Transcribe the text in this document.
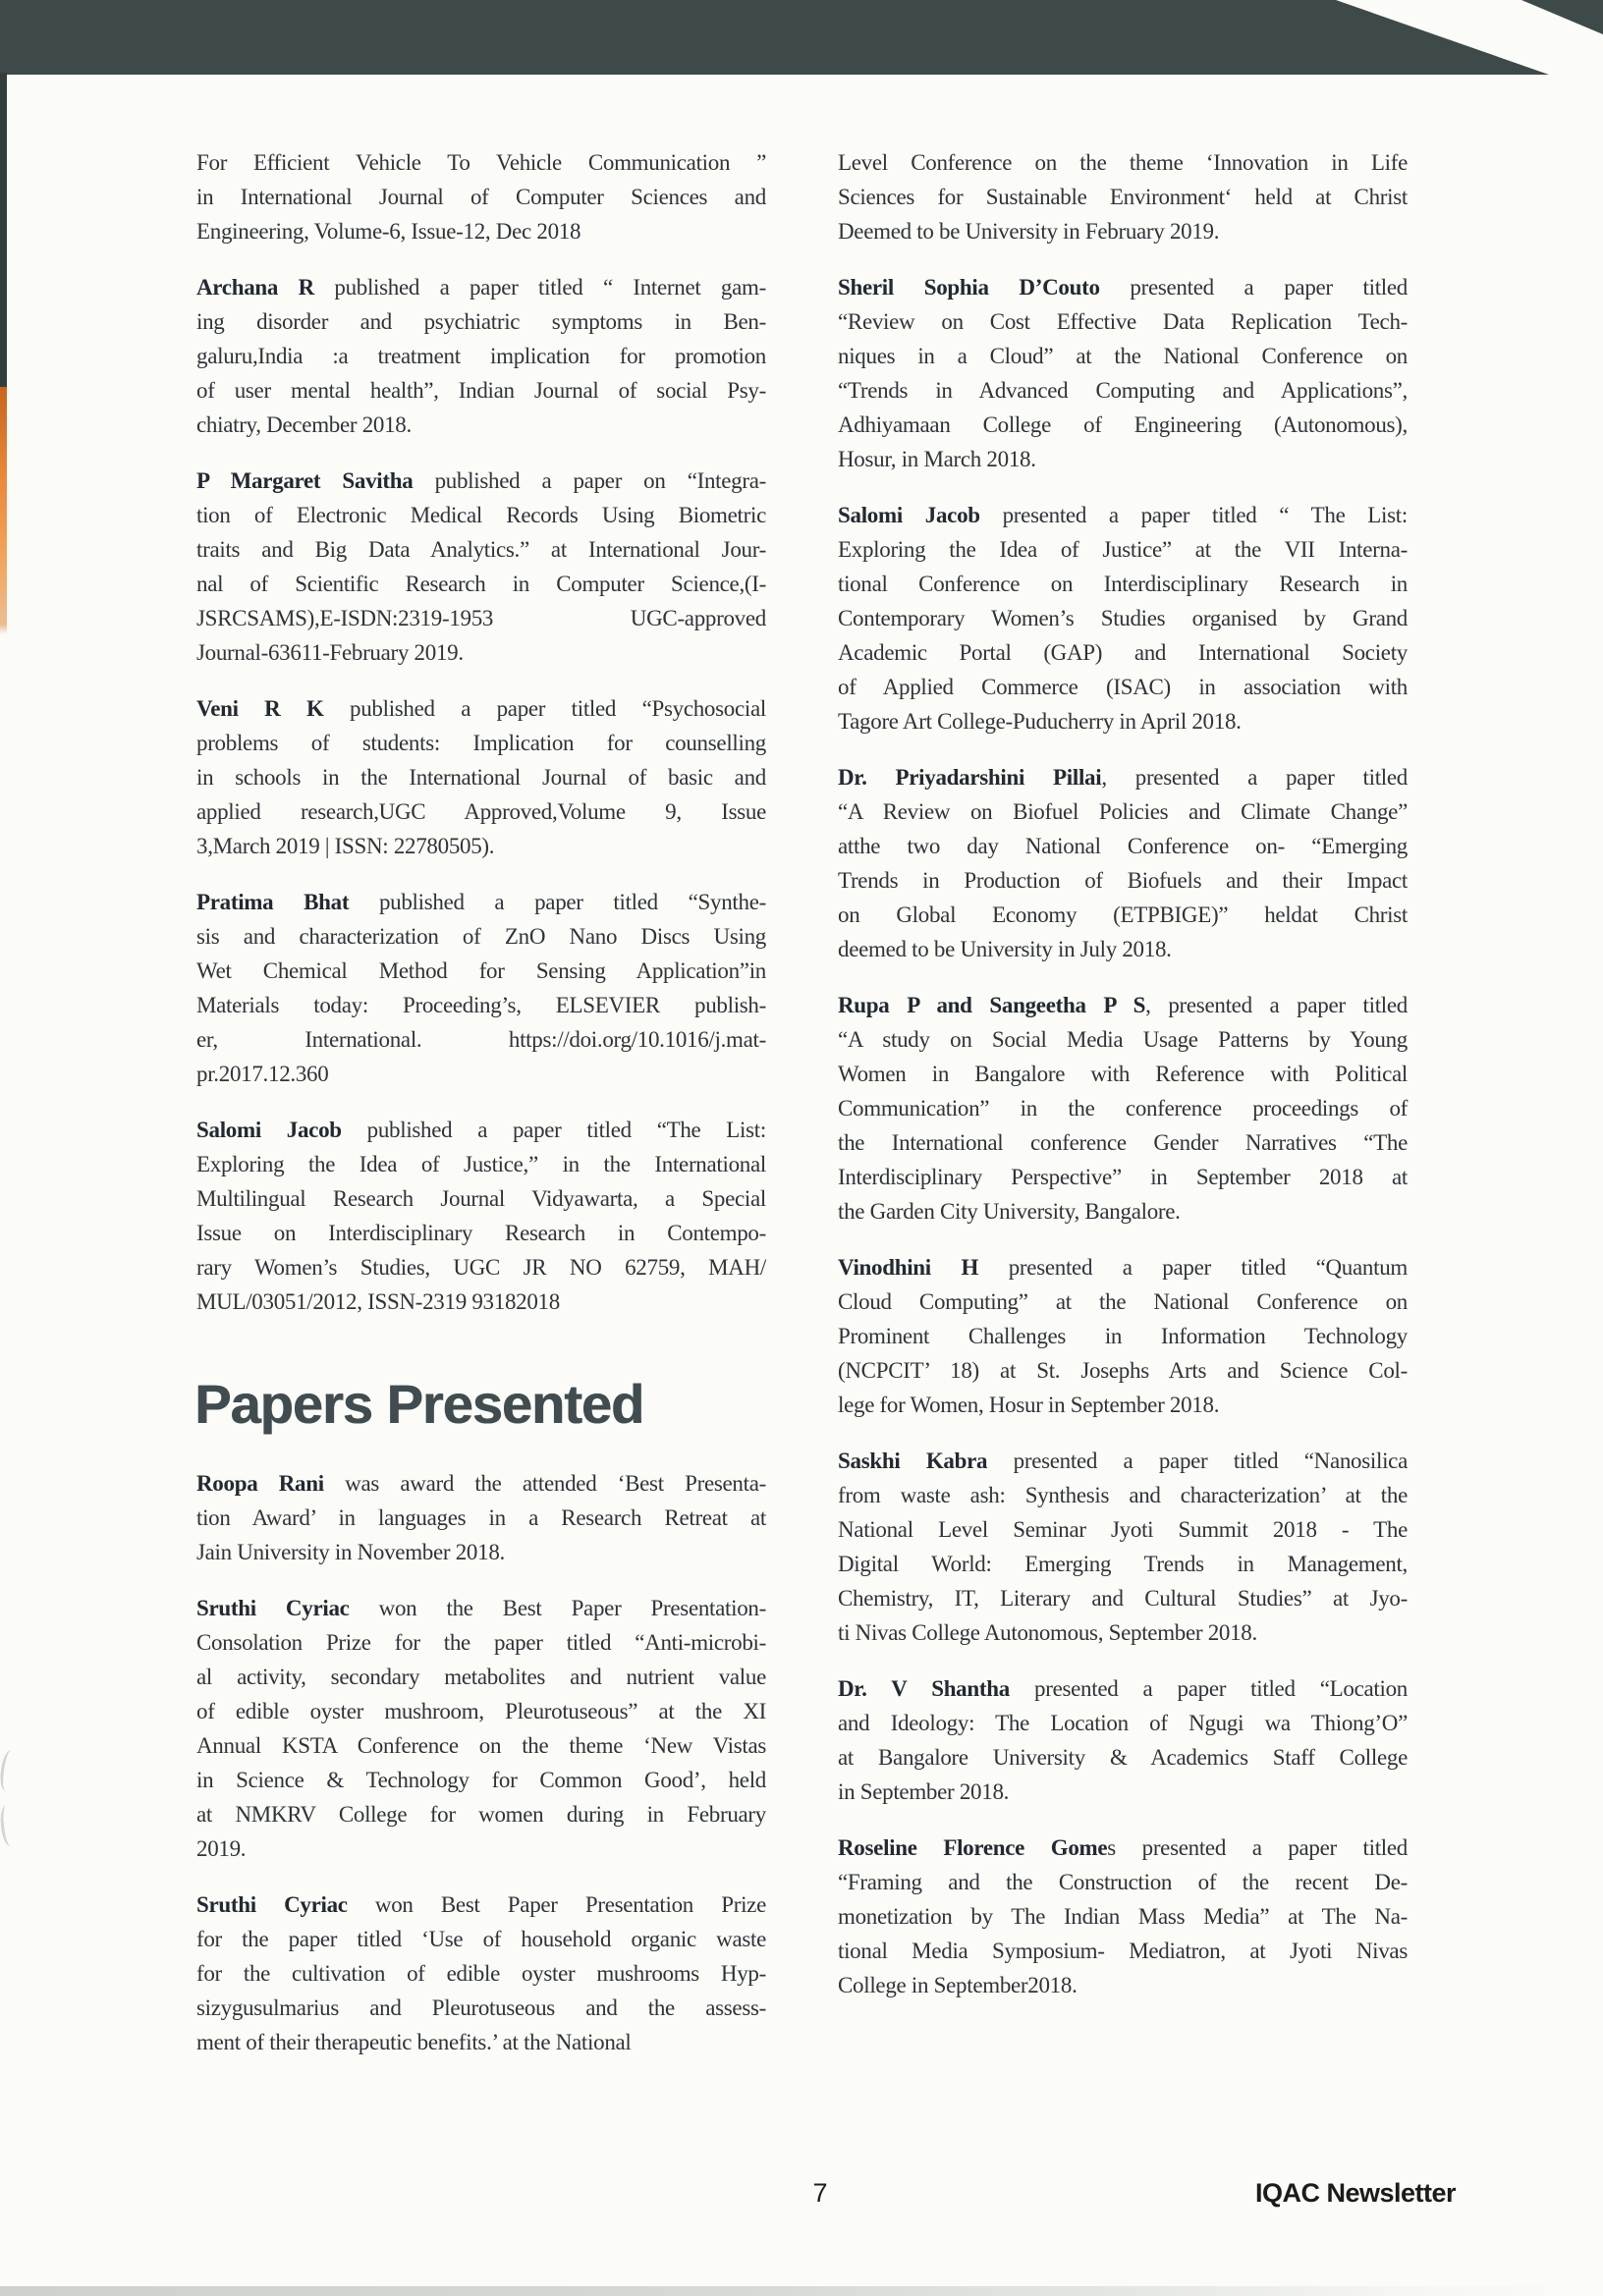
For Efficient Vehicle To Vehicle Communication ”
in International Journal of Computer Sciences and
Engineering, Volume-6, Issue-12, Dec 2018
Archana R published a paper titled “ Internet gam-
ing disorder and psychiatric symptoms in Ben-
galuru,India :a treatment implication for promotion
of user mental health”, Indian Journal of social Psy-
chiatry, December 2018.
P Margaret Savitha published a paper on “Integra-
tion of Electronic Medical Records Using Biometric
traits and Big Data Analytics.” at International Jour-
nal of Scientific Research in Computer Science,(I-
JSRCSAMS),E-ISDN:2319-1953 UGC-approved
Journal-63611-February 2019.
Veni R K published a paper titled “Psychosocial
problems of students: Implication for counselling
in schools in the International Journal of basic and
applied research,UGC Approved,Volume 9, Issue
3,March 2019 | ISSN: 22780505).
Pratima Bhat published a paper titled “Synthe-
sis and characterization of ZnO Nano Discs Using
Wet Chemical Method for Sensing Application”in
Materials today: Proceeding’s, ELSEVIER publish-
er, International. https://doi.org/10.1016/j.mat-
pr.2017.12.360
Salomi Jacob published a paper titled “The List:
Exploring the Idea of Justice,” in the International
Multilingual Research Journal Vidyawarta, a Special
Issue on Interdisciplinary Research in Contempo-
rary Women’s Studies, UGC JR NO 62759, MAH/
MUL/03051/2012, ISSN-2319 93182018
Papers Presented
Roopa Rani was award the attended ‘Best Presenta-
tion Award’ in languages in a Research Retreat at
Jain University in November 2018.
Sruthi Cyriac won the Best Paper Presentation-
Consolation Prize for the paper titled “Anti-microbi-
al activity, secondary metabolites and nutrient value
of edible oyster mushroom, Pleurotuseous” at the XI
Annual KSTA Conference on the theme ‘New Vistas
in Science & Technology for Common Good’, held
at NMKRV College for women during in February
2019.
Sruthi Cyriac won Best Paper Presentation Prize
for the paper titled ‘Use of household organic waste
for the cultivation of edible oyster mushrooms Hyp-
sizygusulmarius and Pleurotuseous and the assess-
ment of their therapeutic benefits.’ at the National
Level Conference on the theme ‘Innovation in Life
Sciences for Sustainable Environment‘ held at Christ
Deemed to be University in February 2019.
Sheril Sophia D’Couto presented a paper titled
“Review on Cost Effective Data Replication Tech-
niques in a Cloud” at the National Conference on
“Trends in Advanced Computing and Applications”,
Adhiyamaan College of Engineering (Autonomous),
Hosur, in March 2018.
Salomi Jacob presented a paper titled “ The List:
Exploring the Idea of Justice” at the VII Interna-
tional Conference on Interdisciplinary Research in
Contemporary Women’s Studies organised by Grand
Academic Portal (GAP) and International Society
of Applied Commerce (ISAC) in association with
Tagore Art College-Puducherry in April 2018.
Dr. Priyadarshini Pillai, presented a paper titled
“A Review on Biofuel Policies and Climate Change”
atthe two day National Conference on- “Emerging
Trends in Production of Biofuels and their Impact
on Global Economy (ETPBIGE)” heldat Christ
deemed to be University in July 2018.
Rupa P and Sangeetha P S, presented a paper titled
“A study on Social Media Usage Patterns by Young
Women in Bangalore with Reference with Political
Communication” in the conference proceedings of
the International conference Gender Narratives “The
Interdisciplinary Perspective” in September 2018 at
the Garden City University, Bangalore.
Vinodhini H presented a paper titled “Quantum
Cloud Computing” at the National Conference on
Prominent Challenges in Information Technology
(NCPCIT’ 18) at St. Josephs Arts and Science Col-
lege for Women, Hosur in September 2018.
Saskhi Kabra presented a paper titled “Nanosilica
from waste ash: Synthesis and characterization’ at the
National Level Seminar Jyoti Summit 2018 - The
Digital World: Emerging Trends in Management,
Chemistry, IT, Literary and Cultural Studies” at Jyo-
ti Nivas College Autonomous, September 2018.
Dr. V Shantha presented a paper titled “Location
and Ideology: The Location of Ngugi wa Thiong’O”
at Bangalore University & Academics Staff College
in September 2018.
Roseline Florence Gomes presented a paper titled
“Framing and the Construction of the recent De-
monetization by The Indian Mass Media” at The Na-
tional Media Symposium- Mediatron, at Jyoti Nivas
College in September2018.
7	IQAC Newsletter
